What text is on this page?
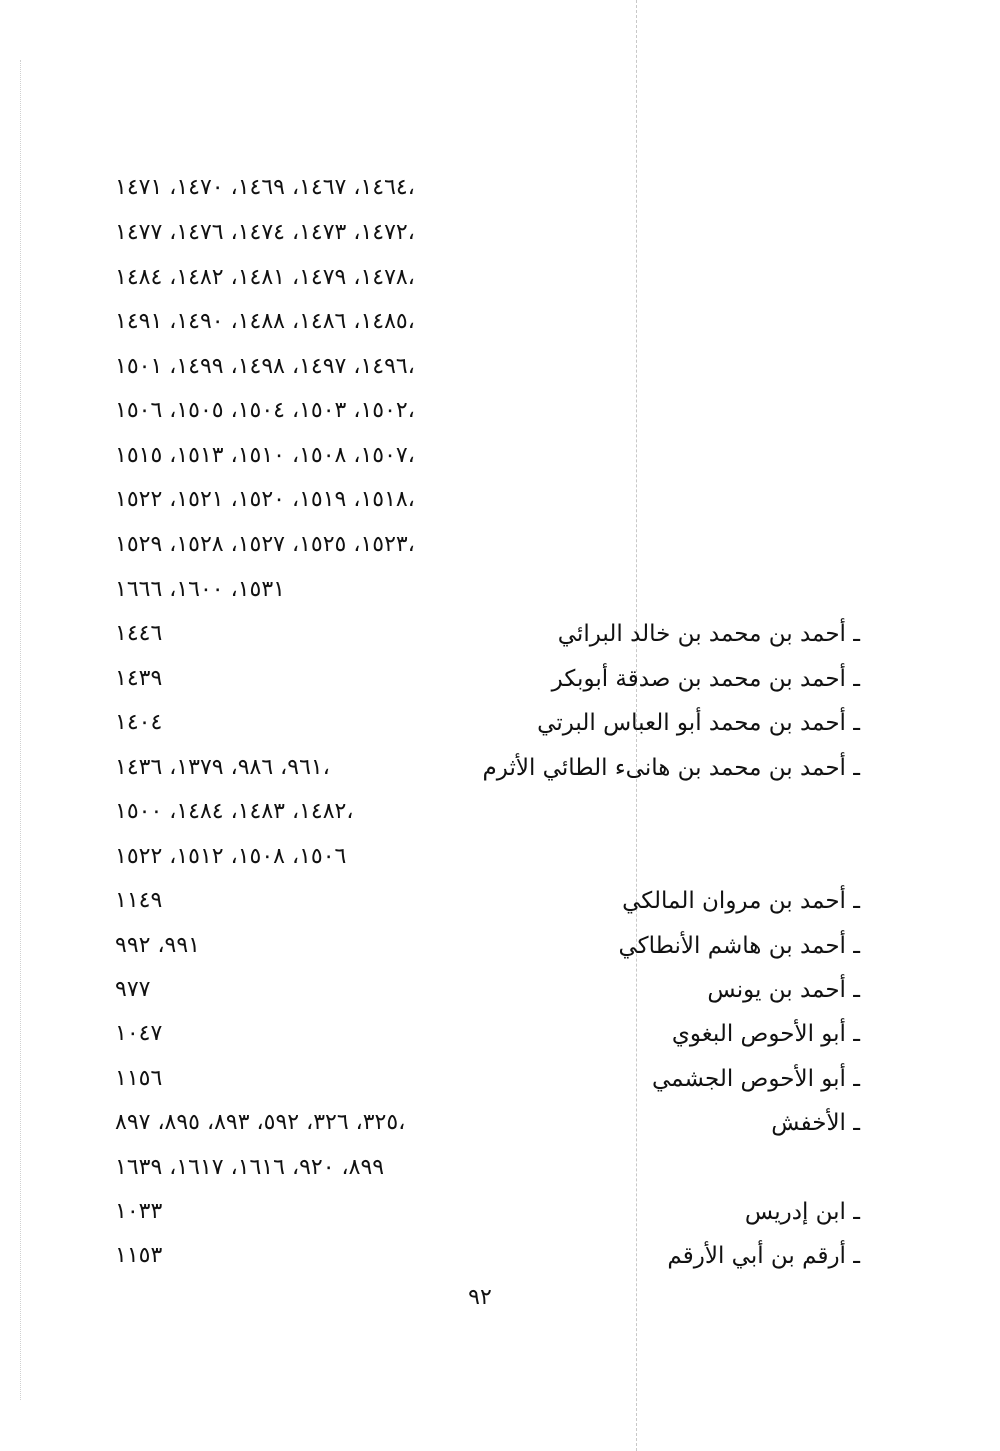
١٤٦٤، ١٤٦٧، ١٤٦٩، ١٤٧٠، ١٤٧١،
١٤٧٢، ١٤٧٣، ١٤٧٤، ١٤٧٦، ١٤٧٧،
١٤٧٨، ١٤٧٩، ١٤٨١، ١٤٨٢، ١٤٨٤،
١٤٨٥، ١٤٨٦، ١٤٨٨، ١٤٩٠، ١٤٩١،
١٤٩٦، ١٤٩٧، ١٤٩٨، ١٤٩٩، ١٥٠١،
١٥٠٢، ١٥٠٣، ١٥٠٤، ١٥٠٥، ١٥٠٦،
١٥٠٧، ١٥٠٨، ١٥١٠، ١٥١٣، ١٥١٥،
١٥١٨، ١٥١٩، ١٥٢٠، ١٥٢١، ١٥٢٢،
١٥٢٣، ١٥٢٥، ١٥٢٧، ١٥٢٨، ١٥٢٩،
١٥٣١، ١٦٠٠، ١٦٦٦
ـ أحمد بن محمد بن خالد البرائي
١٤٤٦
ـ أحمد بن محمد بن صدقة أبوبكر
١٤٣٩
ـ أحمد بن محمد أبو العباس البرتي
١٤٠٤
ـ أحمد بن محمد بن هانىء الطائي الأثرم
٩٦١، ٩٨٦، ١٣٧٩، ١٤٣٦،
١٤٨٢، ١٤٨٣، ١٤٨٤، ١٥٠٠،
١٥٠٦، ١٥٠٨، ١٥١٢، ١٥٢٢
ـ أحمد بن مروان المالكي
١١٤٩
ـ أحمد بن هاشم الأنطاكي
٩٩١، ٩٩٢
ـ أحمد بن يونس
٩٧٧
ـ أبو الأحوص البغوي
١٠٤٧
ـ أبو الأحوص الجشمي
١١٥٦
ـ الأخفش
٣٢٥، ٣٢٦، ٥٩٢، ٨٩٣، ٨٩٥، ٨٩٧،
٨٩٩، ٩٢٠، ١٦١٦، ١٦١٧، ١٦٣٩
ـ ابن إدريس
١٠٣٣
ـ أرقم بن أبي الأرقم
١١٥٣
٩٢
